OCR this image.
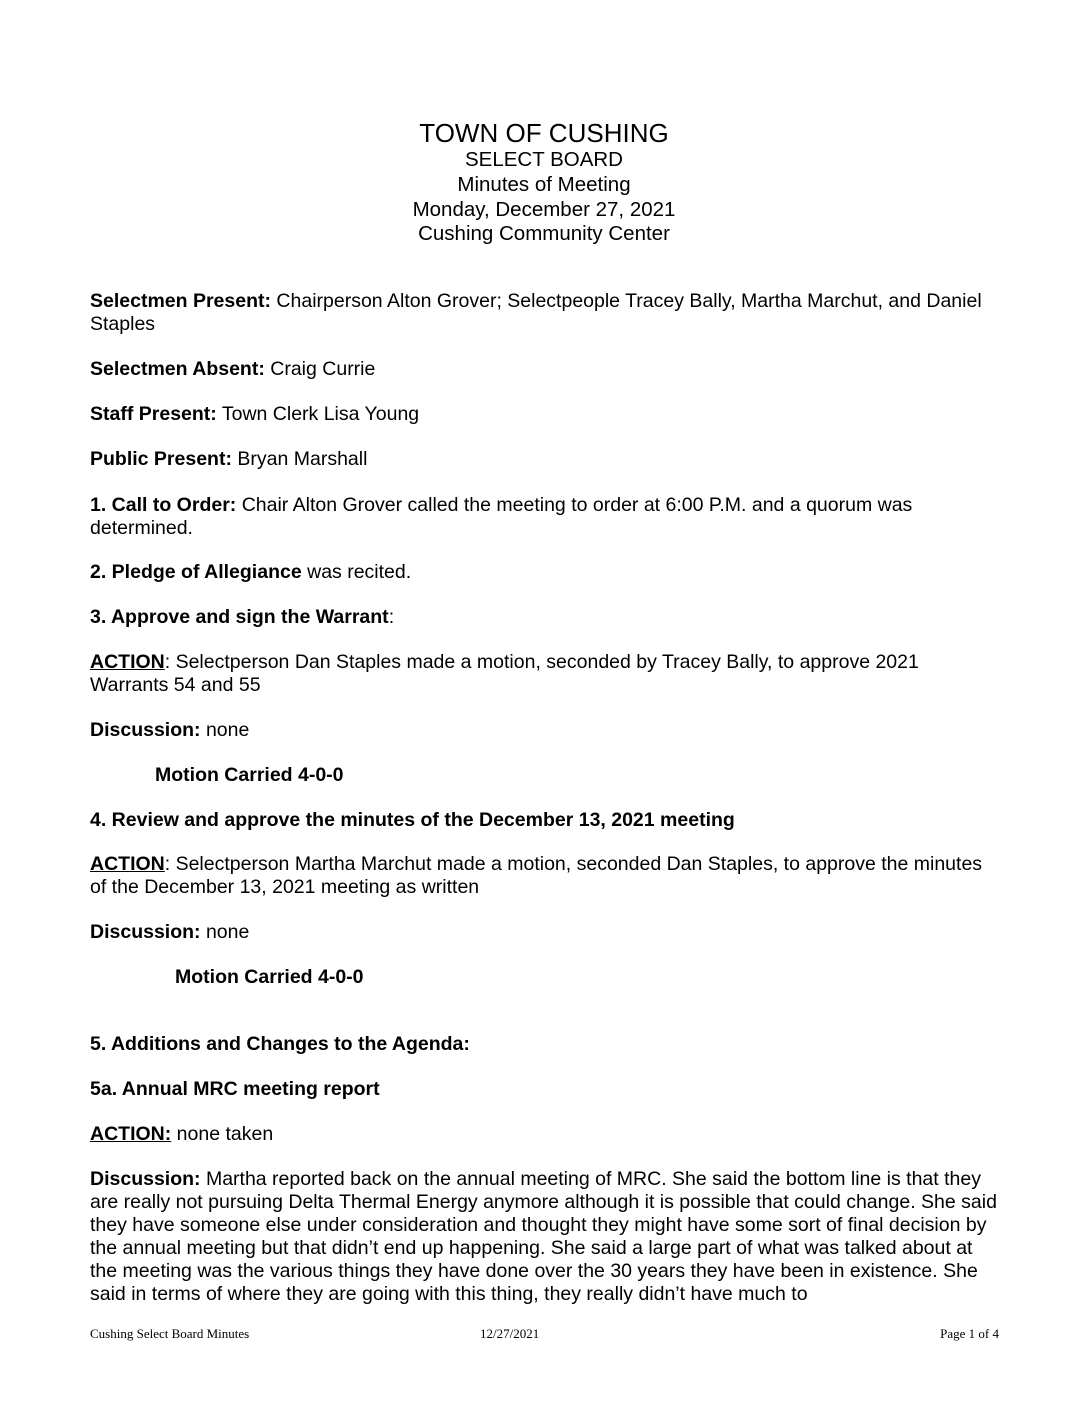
TOWN OF CUSHING
SELECT BOARD
Minutes of Meeting
Monday, December 27, 2021
Cushing Community Center

Selectmen Present: Chairperson Alton Grover; Selectpeople Tracey Bally, Martha Marchut, and Daniel Staples

Selectmen Absent: Craig Currie

Staff Present: Town Clerk Lisa Young

Public Present: Bryan Marshall

1. Call to Order: Chair Alton Grover called the meeting to order at 6:00 P.M. and a quorum was determined.

2. Pledge of Allegiance was recited.

3. Approve and sign the Warrant:

ACTION: Selectperson Dan Staples made a motion, seconded by Tracey Bally, to approve 2021 Warrants 54 and 55

Discussion: none

Motion Carried 4-0-0

4. Review and approve the minutes of the December 13, 2021 meeting

ACTION: Selectperson Martha Marchut made a motion, seconded Dan Staples, to approve the minutes of the December 13, 2021 meeting as written

Discussion: none

Motion Carried 4-0-0

5. Additions and Changes to the Agenda:

5a. Annual MRC meeting report

ACTION: none taken

Discussion: Martha reported back on the annual meeting of MRC. She said the bottom line is that they are really not pursuing Delta Thermal Energy anymore although it is possible that could change. She said they have someone else under consideration and thought they might have some sort of final decision by the annual meeting but that didn’t end up happening. She said a large part of what was talked about at the meeting was the various things they have done over the 30 years they have been in existence. She said in terms of where they are going with this thing, they really didn’t have much to

Cushing Select Board Minutes	12/27/2021	Page 1 of 4
